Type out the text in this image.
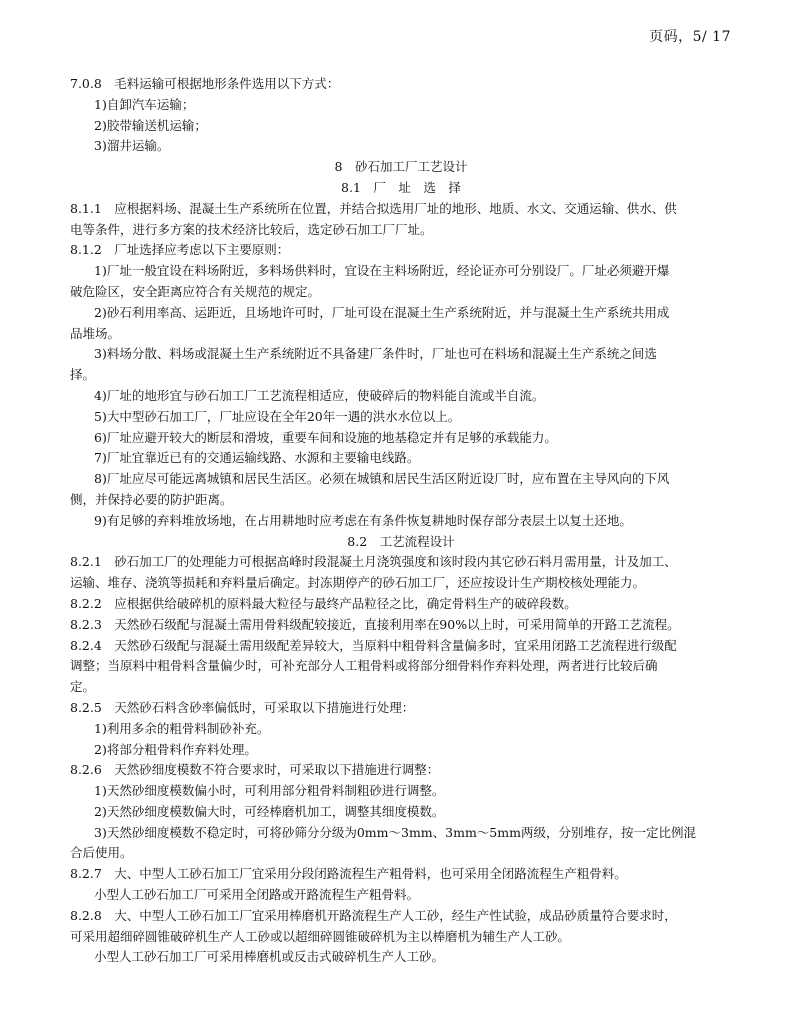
页码，5/ 17
7.0.8　毛料运输可根据地形条件选用以下方式：
1)自卸汽车运输；
2)胶带输送机运输；
3)溜井运输。
8　砂石加工厂工艺设计
8.1　厂　址　选　择
8.1.1　应根据料场、混凝土生产系统所在位置，并结合拟选用厂址的地形、地质、水文、交通运输、供水、供
电等条件，进行多方案的技术经济比较后，选定砂石加工厂厂址。
8.1.2　厂址选择应考虑以下主要原则：
1)厂址一般宜设在料场附近，多料场供料时，宜设在主料场附近，经论证亦可分别设厂。厂址必须避开爆
破危险区，安全距离应符合有关规范的规定。
2)砂石利用率高、运距近，且场地许可时，厂址可设在混凝土生产系统附近，并与混凝土生产系统共用成
品堆场。
3)料场分散、料场或混凝土生产系统附近不具备建厂条件时，厂址也可在料场和混凝土生产系统之间选
择。
4)厂址的地形宜与砂石加工厂工艺流程相适应，使破碎后的物料能自流或半自流。
5)大中型砂石加工厂，厂址应设在全年20年一遇的洪水水位以上。
6)厂址应避开较大的断层和滑坡，重要车间和设施的地基稳定并有足够的承载能力。
7)厂址宜靠近已有的交通运输线路、水源和主要输电线路。
8)厂址应尽可能远离城镇和居民生活区。必须在城镇和居民生活区附近设厂时，应布置在主导风向的下风
侧，并保持必要的防护距离。
9)有足够的弃料堆放场地，在占用耕地时应考虑在有条件恢复耕地时保存部分表层土以复土还地。
8.2　工艺流程设计
8.2.1　砂石加工厂的处理能力可根据高峰时段混凝土月浇筑强度和该时段内其它砂石料月需用量，计及加工、
运输、堆存、浇筑等损耗和弃料量后确定。封冻期停产的砂石加工厂，还应按设计生产期校核处理能力。
8.2.2　应根据供给破碎机的原料最大粒径与最终产品粒径之比，确定骨料生产的破碎段数。
8.2.3　天然砂石级配与混凝土需用骨料级配较接近，直接利用率在90%以上时，可采用简单的开路工艺流程。
8.2.4　天然砂石级配与混凝土需用级配差异较大，当原料中粗骨料含量偏多时，宜采用闭路工艺流程进行级配
调整；当原料中粗骨料含量偏少时，可补充部分人工粗骨料或将部分细骨料作弃料处理，两者进行比较后确
定。
8.2.5　天然砂石料含砂率偏低时，可采取以下措施进行处理：
1)利用多余的粗骨料制砂补充。
2)将部分粗骨料作弃料处理。
8.2.6　天然砂细度模数不符合要求时，可采取以下措施进行调整：
1)天然砂细度模数偏小时，可利用部分粗骨料制粗砂进行调整。
2)天然砂细度模数偏大时，可经棒磨机加工，调整其细度模数。
3)天然砂细度模数不稳定时，可将砂筛分分级为0mm～3mm、3mm～5mm两级，分别堆存，按一定比例混
合后使用。
8.2.7　大、中型人工砂石加工厂宜采用分段闭路流程生产粗骨料，也可采用全闭路流程生产粗骨料。
小型人工砂石加工厂可采用全闭路或开路流程生产粗骨料。
8.2.8　大、中型人工砂石加工厂宜采用棒磨机开路流程生产人工砂，经生产性试验，成品砂质量符合要求时，
可采用超细碎圆锥破碎机生产人工砂或以超细碎圆锥破碎机为主以棒磨机为辅生产人工砂。
小型人工砂石加工厂可采用棒磨机或反击式破碎机生产人工砂。
